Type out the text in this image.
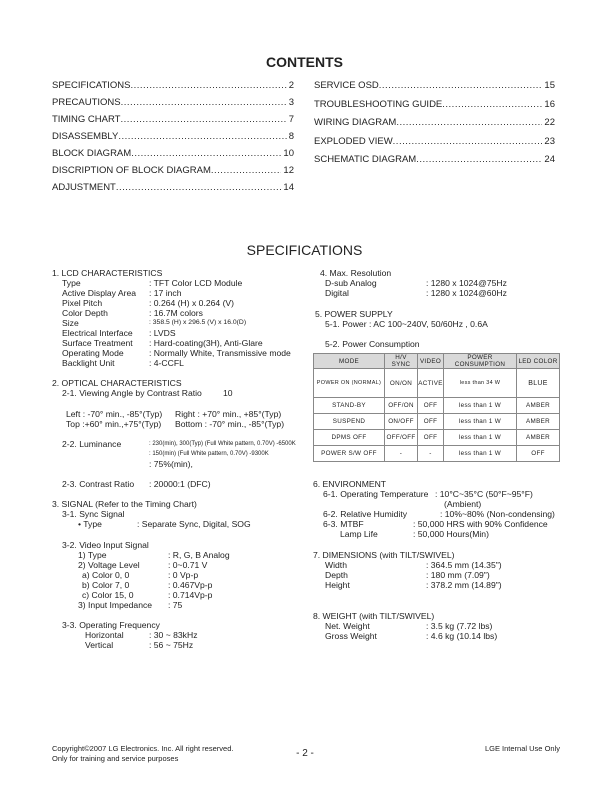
CONTENTS
SPECIFICATIONS .....	2
PRECAUTIONS .....	3
TIMING CHART .....	7
DISASSEMBLY .....	8
BLOCK DIAGRAM .....	10
DISCRIPTION OF BLOCK DIAGRAM .....	12
ADJUSTMENT .....	14
SERVICE OSD .....	15
TROUBLESHOOTING GUIDE .....	16
WIRING DIAGRAM .....	22
EXPLODED VIEW .....	23
SCHEMATIC DIAGRAM .....	24
SPECIFICATIONS
1. LCD CHARACTERISTICS
Type	: TFT Color LCD Module
Active Display Area : 17 inch
Pixel Pitch	: 0.264 (H) x 0.264 (V)
Color Depth	: 16.7M colors
Size	: 358.5 (H) x 296.5 (V) x 16.0(D)
Electrical Interface : LVDS
Surface Treatment : Hard-coating(3H), Anti-Glare
Operating Mode	: Normally White, Transmissive mode
Backlight Unit	: 4-CCFL
2. OPTICAL CHARACTERISTICS
2-1. Viewing Angle by Contrast Ratio 10
Left : -70° min., -85°(Typ) Right : +70° min., +85°(Typ)
Top :+60° min.,+75°(Typ) Bottom : -70° min., -85°(Typ)
2-2. Luminance	: 230(min), 300(Typ) (Full White pattern, 0.70V) -6500K
: 150(min) (Full White pattern, 0.70V) -9300K
: 75%(min),
2-3. Contrast Ratio : 20000:1 (DFC)
3. SIGNAL (Refer to the Timing Chart)
3-1. Sync Signal
• Type	: Separate Sync, Digital, SOG
3-2. Video Input Signal
1) Type	: R, G, B Analog
2) Voltage Level	: 0~0.71 V
a) Color 0, 0	: 0 Vp-p
b) Color 7, 0	: 0.467Vp-p
c) Color 15, 0	: 0.714Vp-p
3) Input Impedance : 75
3-3. Operating Frequency
Horizontal	: 30 ~ 83kHz
Vertical	: 56 ~ 75Hz
4. Max. Resolution
D-sub Analog	: 1280 x 1024@75Hz
Digital	: 1280 x 1024@60Hz
5. POWER SUPPLY
5-1. Power : AC 100~240V, 50/60Hz , 0.6A
5-2. Power Consumption
MODE	H/V SYNC	VIDEO	POWER CONSUMPTION	LED COLOR
POWER ON (NORMAL)	ON/ON	ACTIVE	less than 34 W	BLUE
STAND-BY	OFF/ON	OFF	less than 1 W	AMBER
SUSPEND	ON/OFF	OFF	less than 1 W	AMBER
DPMS OFF	OFF/OFF	OFF	less than 1 W	AMBER
POWER S/W OFF	-	-	less than 1 W	OFF
6. ENVIRONMENT
6-1. Operating Temperature : 10°C~35°C (50°F~95°F)
(Ambient)
6-2. Relative Humidity	: 10%~80% (Non-condensing)
6-3. MTBF	: 50,000 HRS with 90% Confidence
Lamp Life	: 50,000 Hours(Min)
7. DIMENSIONS (with TILT/SWIVEL)
Width	: 364.5 mm (14.35")
Depth	: 180 mm (7.09")
Height	: 378.2 mm (14.89")
8. WEIGHT (with TILT/SWIVEL)
Net. Weight	: 3.5 kg (7.72 lbs)
Gross Weight	: 4.6 kg (10.14 lbs)
Copyright©2007 LG Electronics. Inc. All right reserved.
Only for training and service purposes	- 2 -	LGE Internal Use Only
